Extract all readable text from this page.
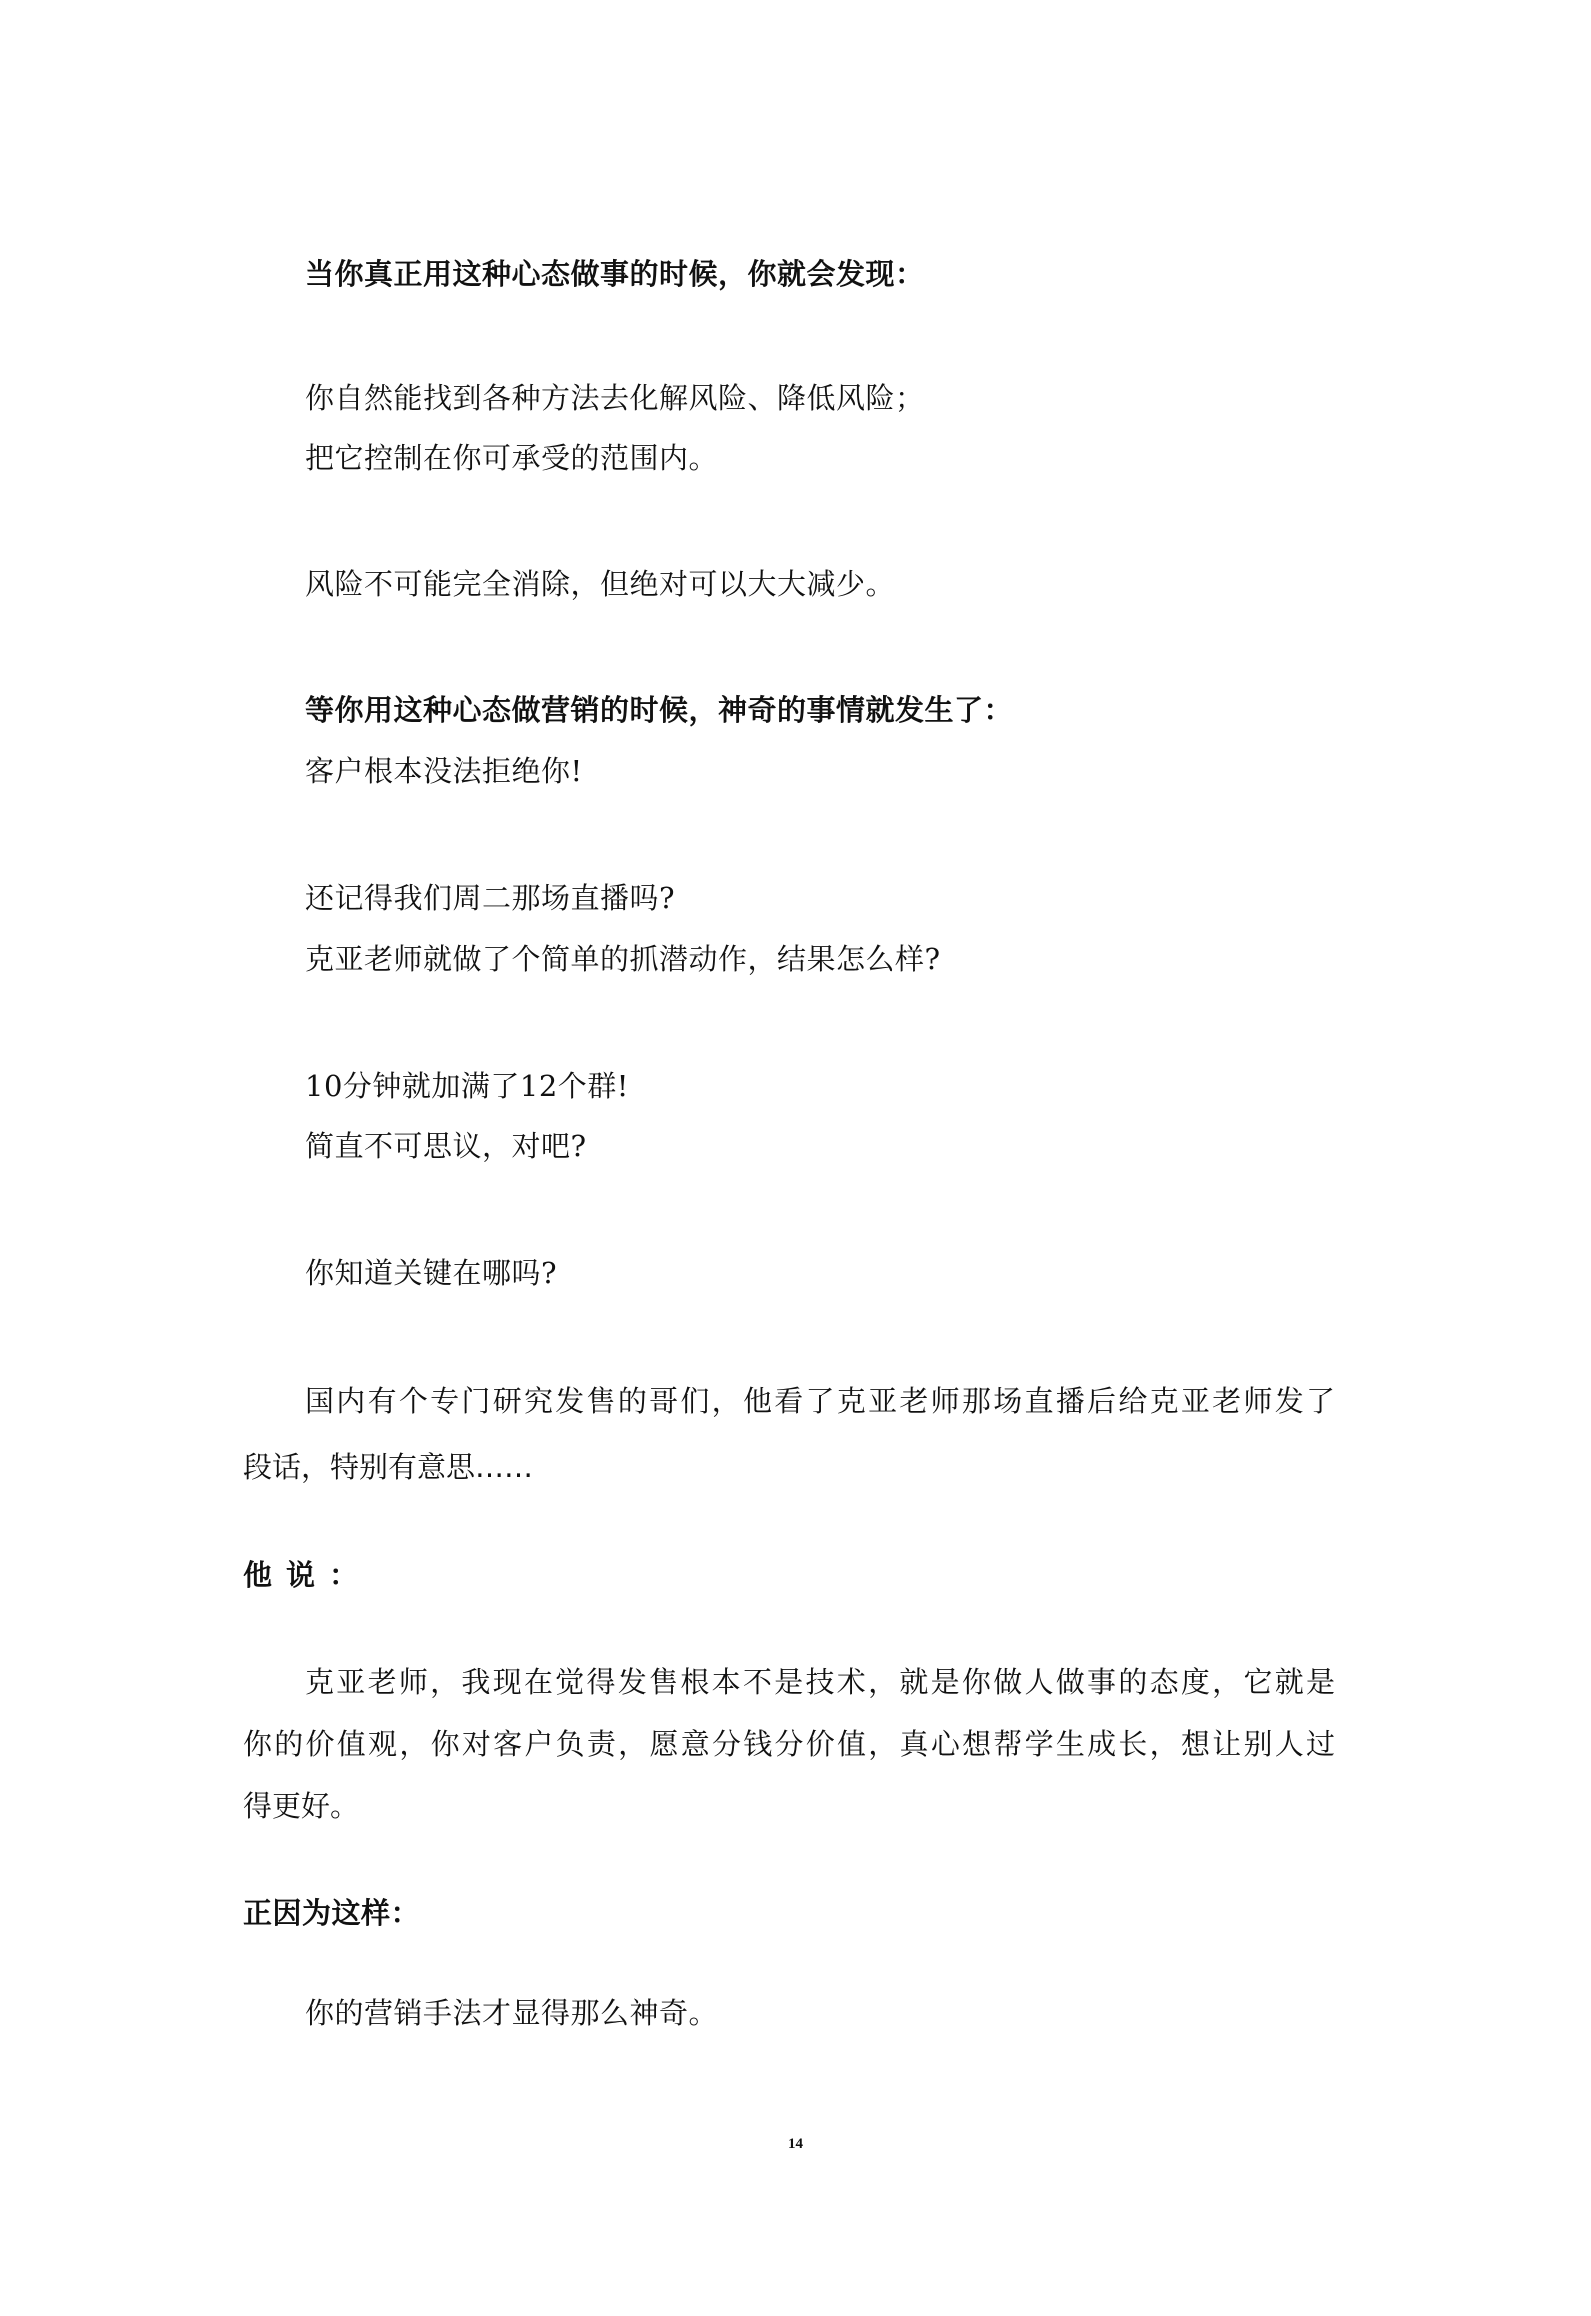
当你真正用这种心态做事的时候，你就会发现：
你自然能找到各种方法去化解风险、降低风险；
把它控制在你可承受的范围内。
风险不可能完全消除，但绝对可以大大减少。
等你用这种心态做营销的时候，神奇的事情就发生了：
客户根本没法拒绝你!
还记得我们周二那场直播吗?
克亚老师就做了个简单的抓潜动作，结果怎么样?
10分钟就加满了12个群!
简直不可思议，对吧?
你知道关键在哪吗?
国内有个专门研究发售的哥们，他看了克亚老师那场直播后给克亚老师发了
段话，特别有意思……
他说：
克亚老师，我现在觉得发售根本不是技术，就是你做人做事的态度，它就是
你的价值观，你对客户负责，愿意分钱分价值，真心想帮学生成长，想让别人过
得更好。
正因为这样：
你的营销手法才显得那么神奇。
14
